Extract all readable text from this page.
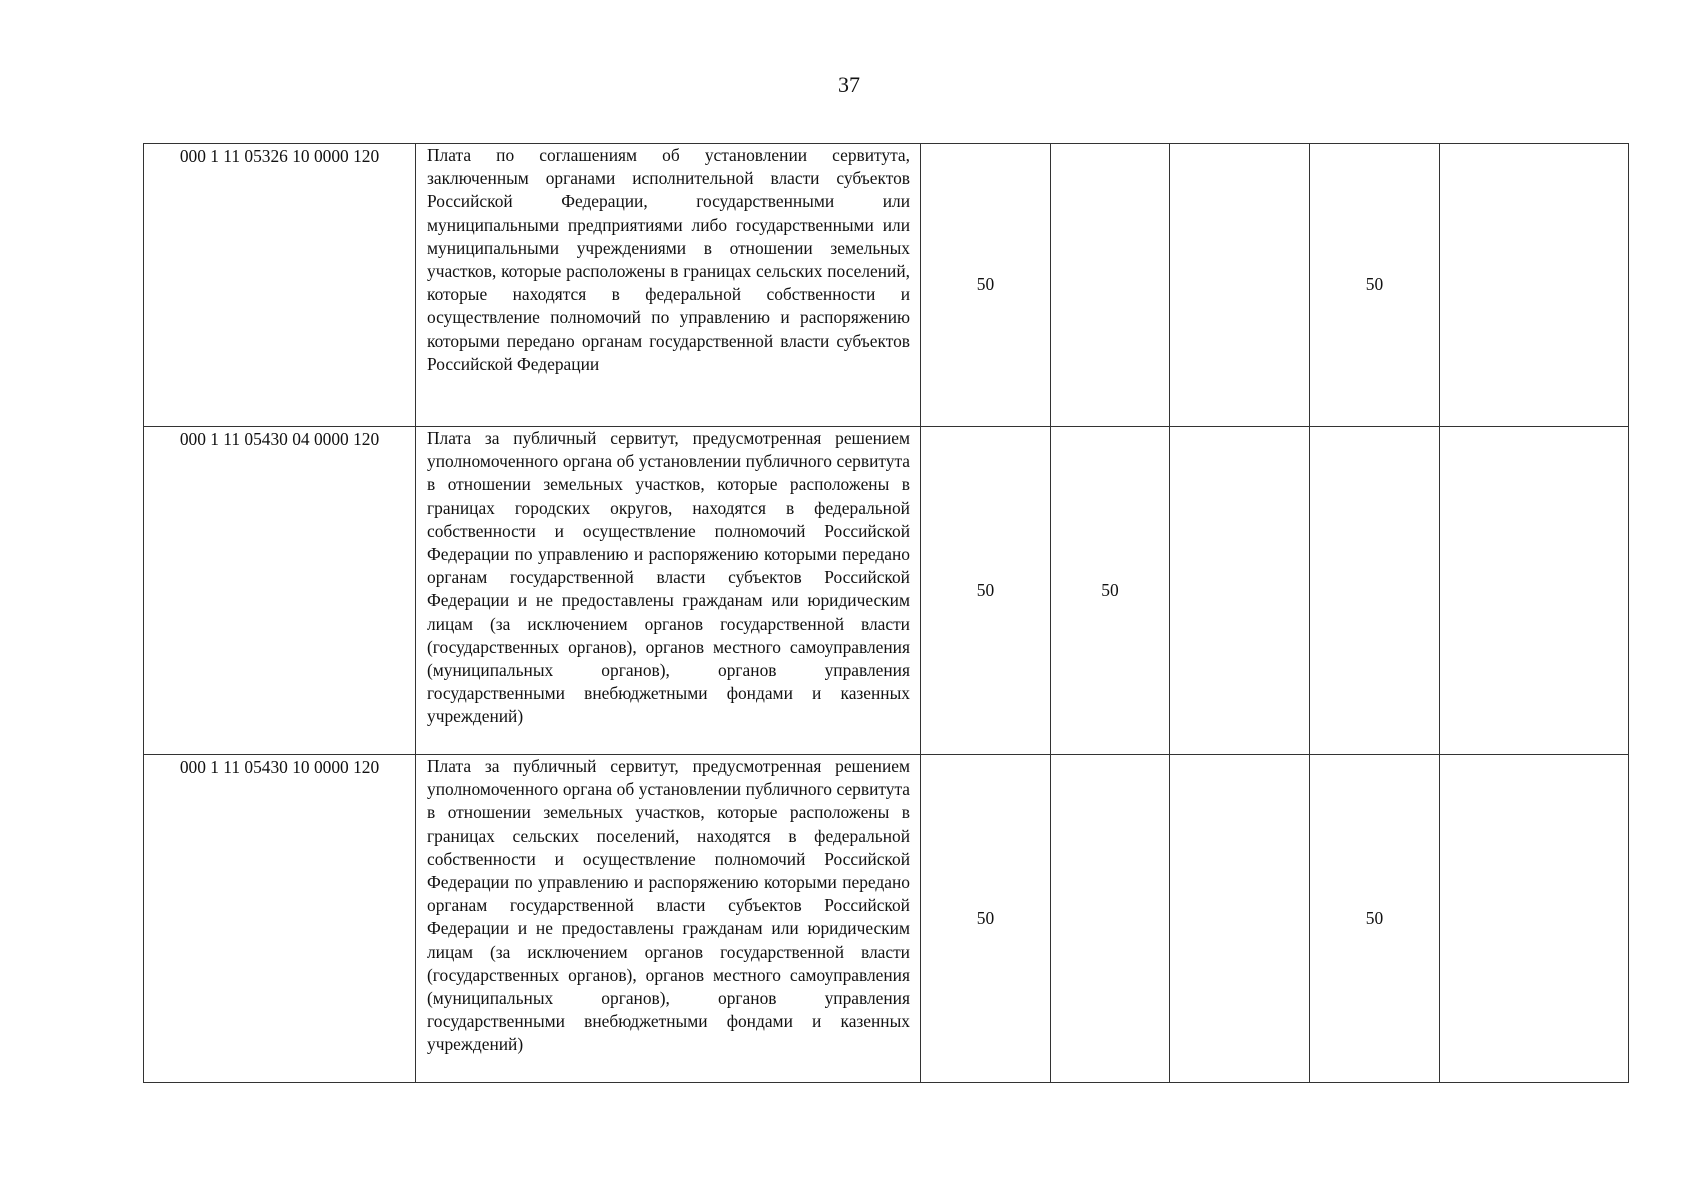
37
000 1 11 05326 10 0000 120	Плата по соглашениям об установлении сервитута, заключенным органами исполнительной власти субъектов Российской Федерации, государственными или муниципальными предприятиями либо государственными или муниципальными учреждениями в отношении земельных участков, которые расположены в границах сельских поселений, которые находятся в федеральной собственности и осуществление полномочий по управлению и распоряжению которыми передано органам государственной власти субъектов Российской Федерации	50			50	
000 1 11 05430 04 0000 120	Плата за публичный сервитут, предусмотренная решением уполномоченного органа об установлении публичного сервитута в отношении земельных участков, которые расположены в границах городских округов, находятся в федеральной собственности и осуществление полномочий Российской Федерации по управлению и распоряжению которыми передано органам государственной власти субъектов Российской Федерации и не предоставлены гражданам или юридическим лицам (за исключением органов государственной власти (государственных органов), органов местного самоуправления (муниципальных органов), органов управления государственными внебюджетными фондами и казенных учреждений)	50	50			
000 1 11 05430 10 0000 120	Плата за публичный сервитут, предусмотренная решением уполномоченного органа об установлении публичного сервитута в отношении земельных участков, которые расположены в границах сельских поселений, находятся в федеральной собственности и осуществление полномочий Российской Федерации по управлению и распоряжению которыми передано органам государственной власти субъектов Российской Федерации и не предоставлены гражданам или юридическим лицам (за исключением органов государственной власти (государственных органов), органов местного самоуправления (муниципальных органов), органов управления государственными внебюджетными фондами и казенных учреждений)	50			50	
